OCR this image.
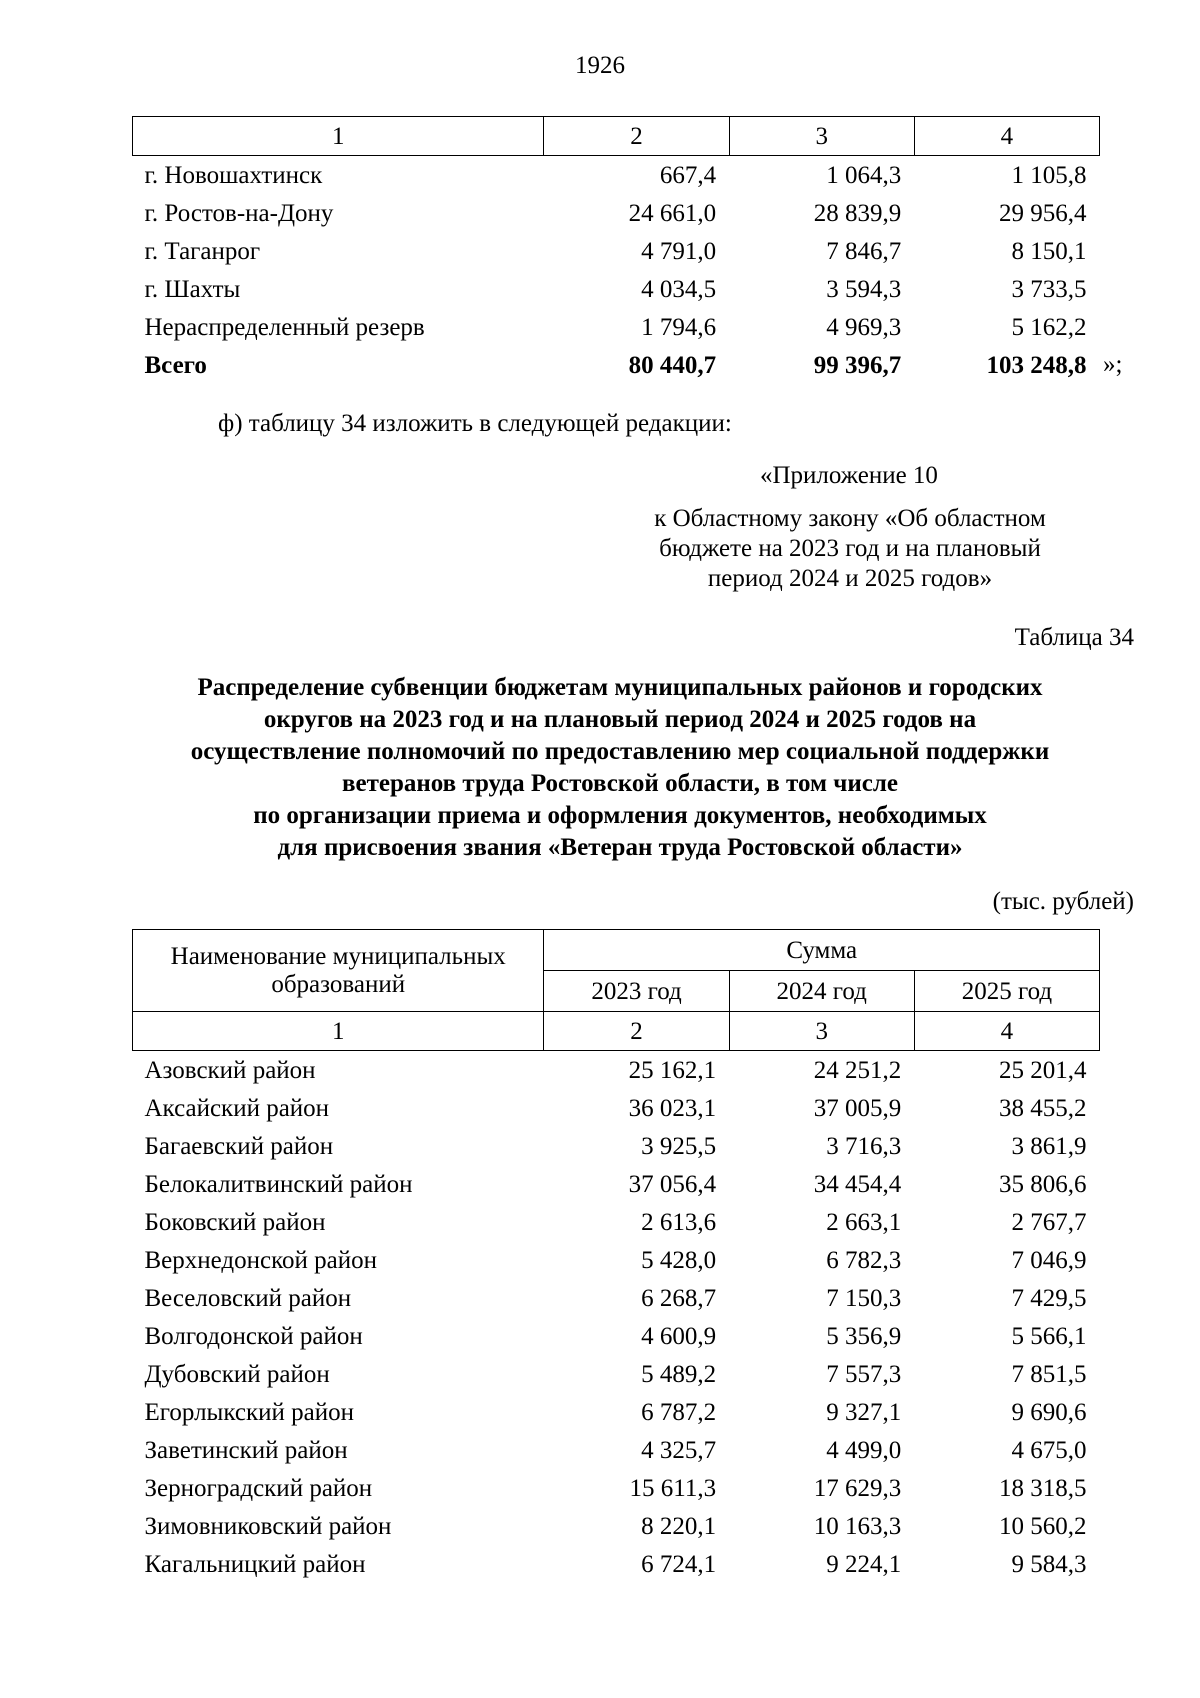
1926
1	2	3	4
г. Новошахтинск	667,4	1 064,3	1 105,8
г. Ростов-на-Дону	24 661,0	28 839,9	29 956,4
г. Таганрог	4 791,0	7 846,7	8 150,1
г. Шахты	4 034,5	3 594,3	3 733,5
Нераспределенный резерв	1 794,6	4 969,3	5 162,2
Всего	80 440,7	99 396,7	103 248,8 »;
ф) таблицу 34 изложить в следующей редакции:
«Приложение 10
к Областному закону «Об областном
бюджете на 2023 год и на плановый
период 2024 и 2025 годов»
Таблица 34
Распределение субвенции бюджетам муниципальных районов и городских
округов на 2023 год и на плановый период 2024 и 2025 годов на
осуществление полномочий по предоставлению мер социальной поддержки
ветеранов труда Ростовской области, в том числе
по организации приема и оформления документов, необходимых
для присвоения звания «Ветеран труда Ростовской области»
(тыс. рублей)
Наименование муниципальных
образований	Сумма		
	2023 год	2024 год	2025 год
1	2	3	4
Азовский район	25 162,1	24 251,2	25 201,4
Аксайский район	36 023,1	37 005,9	38 455,2
Багаевский район	3 925,5	3 716,3	3 861,9
Белокалитвинский район	37 056,4	34 454,4	35 806,6
Боковский район	2 613,6	2 663,1	2 767,7
Верхнедонской район	5 428,0	6 782,3	7 046,9
Веселовский район	6 268,7	7 150,3	7 429,5
Волгодонской район	4 600,9	5 356,9	5 566,1
Дубовский район	5 489,2	7 557,3	7 851,5
Егорлыкский район	6 787,2	9 327,1	9 690,6
Заветинский район	4 325,7	4 499,0	4 675,0
Зерноградский район	15 611,3	17 629,3	18 318,5
Зимовниковский район	8 220,1	10 163,3	10 560,2
Кагальницкий район	6 724,1	9 224,1	9 584,3
